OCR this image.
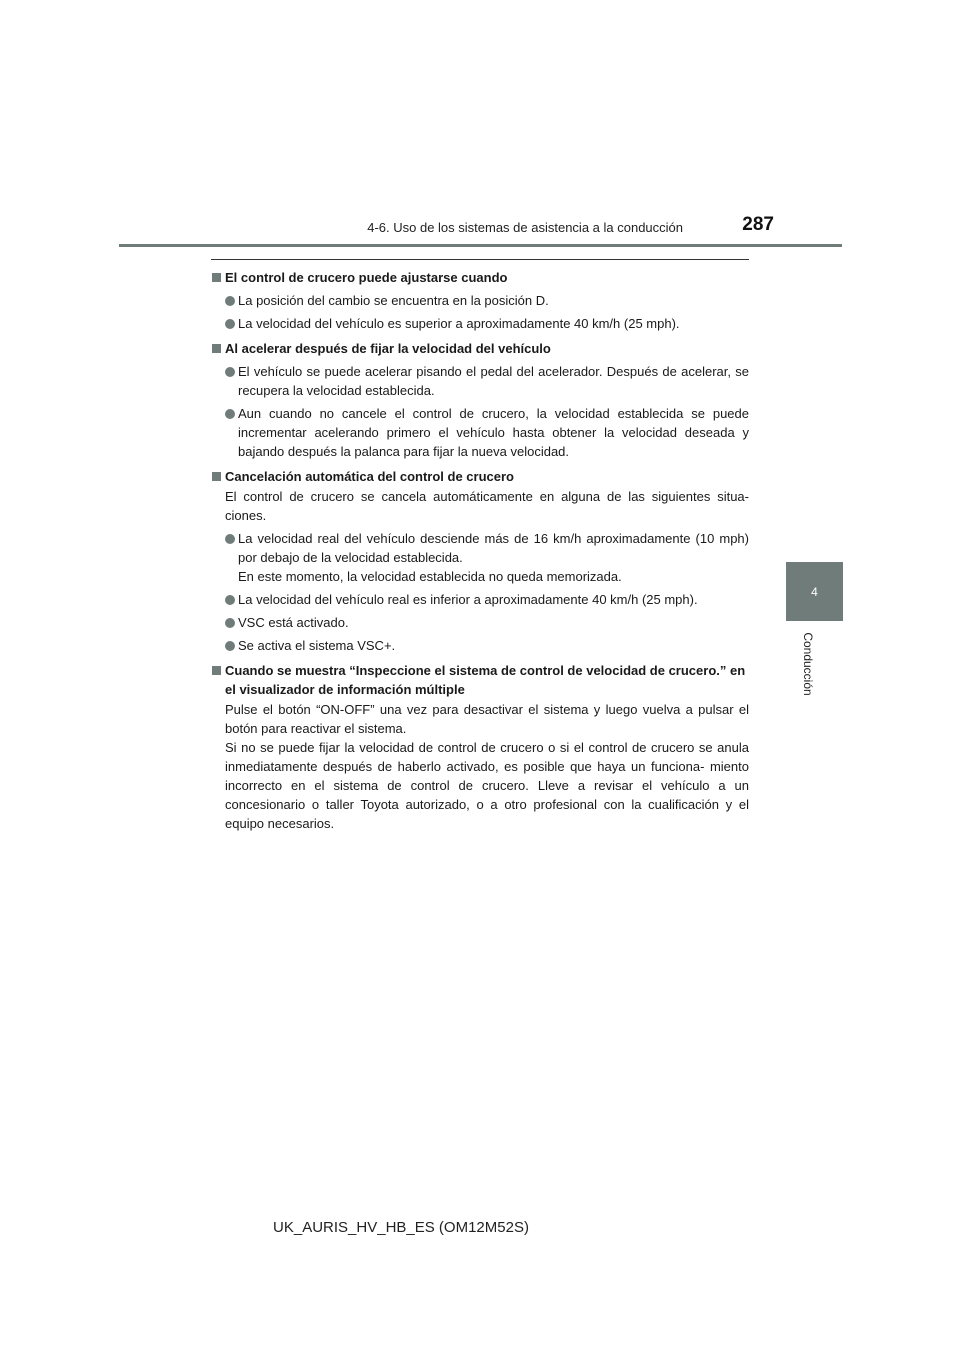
4-6. Uso de los sistemas de asistencia a la conducción	287
4
Conducción
El control de crucero puede ajustarse cuando
La posición del cambio se encuentra en la posición D.
La velocidad del vehículo es superior a aproximadamente 40 km/h (25 mph).
Al acelerar después de fijar la velocidad del vehículo
El vehículo se puede acelerar pisando el pedal del acelerador. Después de acelerar, se recupera la velocidad establecida.
Aun cuando no cancele el control de crucero, la velocidad establecida se puede incrementar acelerando primero el vehículo hasta obtener la velocidad deseada y bajando después la palanca para fijar la nueva velocidad.
Cancelación automática del control de crucero
El control de crucero se cancela automáticamente en alguna de las siguientes situa- ciones.
La velocidad real del vehículo desciende más de 16 km/h aproximadamente (10 mph) por debajo de la velocidad establecida.
En este momento, la velocidad establecida no queda memorizada.
La velocidad del vehículo real es inferior a aproximadamente 40 km/h (25 mph).
VSC está activado.
Se activa el sistema VSC+.
Cuando se muestra “Inspeccione el sistema de control de velocidad de crucero.” en el visualizador de información múltiple
Pulse el botón “ON-OFF” una vez para desactivar el sistema y luego vuelva a pulsar el botón para reactivar el sistema.
Si no se puede fijar la velocidad de control de crucero o si el control de crucero se anula inmediatamente después de haberlo activado, es posible que haya un funciona- miento incorrecto en el sistema de control de crucero. Lleve a revisar el vehículo a un concesionario o taller Toyota autorizado, o a otro profesional con la cualificación y el equipo necesarios.
UK_AURIS_HV_HB_ES (OM12M52S)
